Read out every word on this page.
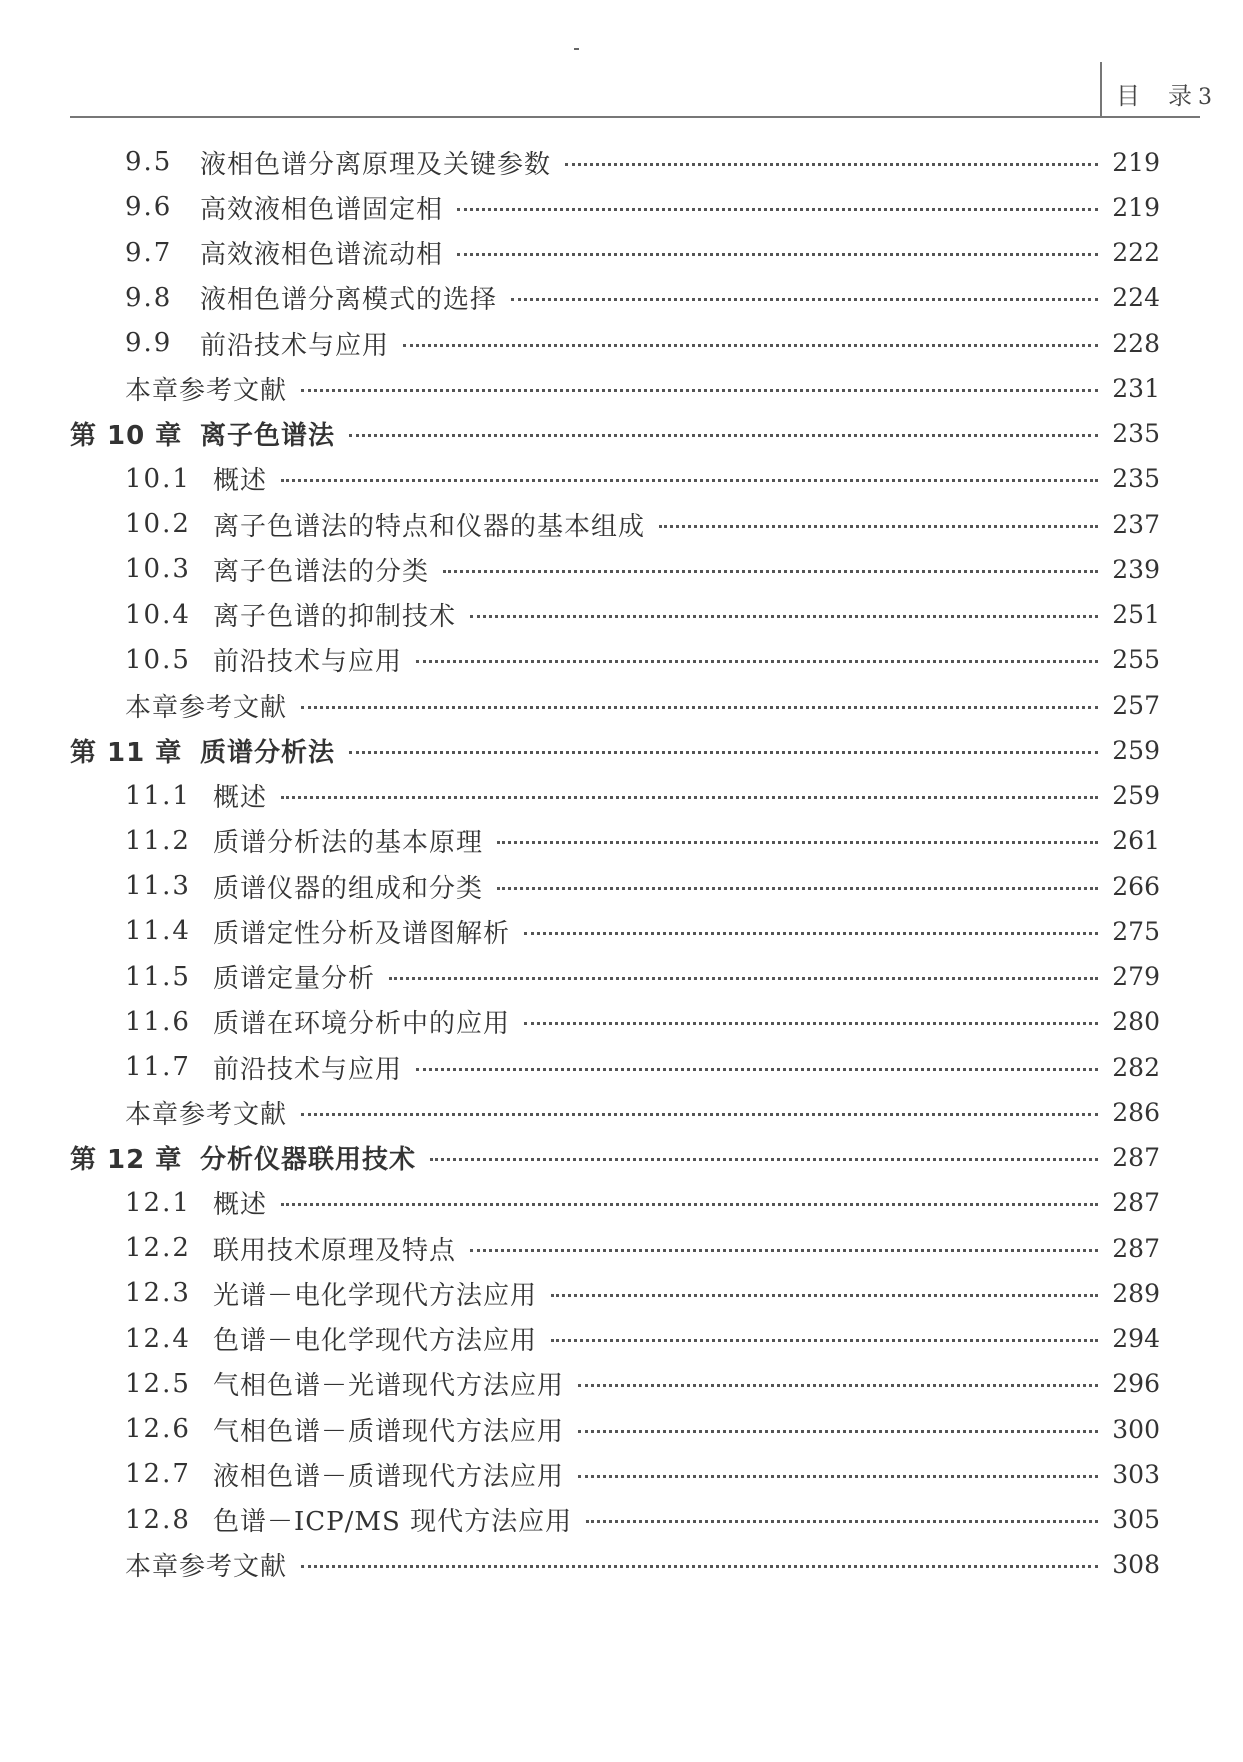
目 录 3
9.5	液相色谱分离原理及关键参数	219
9.6	高效液相色谱固定相	219
9.7	高效液相色谱流动相	222
9.8	液相色谱分离模式的选择	224
9.9	前沿技术与应用	228
本章参考文献	231
第 10 章 离子色谱法	235
10.1 概述	235
10.2 离子色谱法的特点和仪器的基本组成	237
10.3 离子色谱法的分类	239
10.4 离子色谱的抑制技术	251
10.5 前沿技术与应用	255
本章参考文献	257
第 11 章 质谱分析法	259
11.1 概述	259
11.2 质谱分析法的基本原理	261
11.3 质谱仪器的组成和分类	266
11.4 质谱定性分析及谱图解析	275
11.5 质谱定量分析	279
11.6 质谱在环境分析中的应用	280
11.7 前沿技术与应用	282
本章参考文献	286
第 12 章 分析仪器联用技术	287
12.1 概述	287
12.2 联用技术原理及特点	287
12.3 光谱－电化学现代方法应用	289
12.4 色谱－电化学现代方法应用	294
12.5 气相色谱－光谱现代方法应用	296
12.6 气相色谱－质谱现代方法应用	300
12.7 液相色谱－质谱现代方法应用	303
12.8 色谱－ICP/MS 现代方法应用	305
本章参考文献	308
